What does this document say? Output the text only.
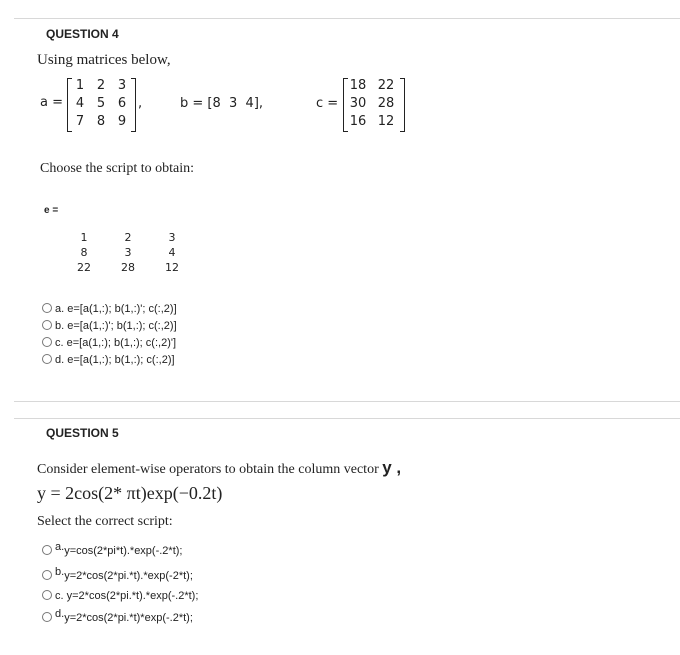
QUESTION 4
Using matrices below,
a =
1 2 3
4 5 6
7 8 9
,	b = [8  3  4],	c =
18 22
30 28
16 12
Choose the script to obtain:
e =
1	2	3
8	3	4
22	28	12
a. e=[a(1,:); b(1,:)'; c(:,2)]
b. e=[a(1,:)'; b(1,:); c(:,2)]
c. e=[a(1,:); b(1,:); c(:,2)']
d. e=[a(1,:); b(1,:); c(:,2)]
QUESTION 5
Consider element-wise operators to obtain the column vector y ,
y = 2cos(2* πt)exp(−0.2t)
Select the correct script:
a.y=cos(2*pi*t).*exp(-.2*t);
b.y=2*cos(2*pi.*t).*exp(-2*t);
c. y=2*cos(2*pi.*t).*exp(-.2*t);
d.y=2*cos(2*pi.*t)*exp(-.2*t);
